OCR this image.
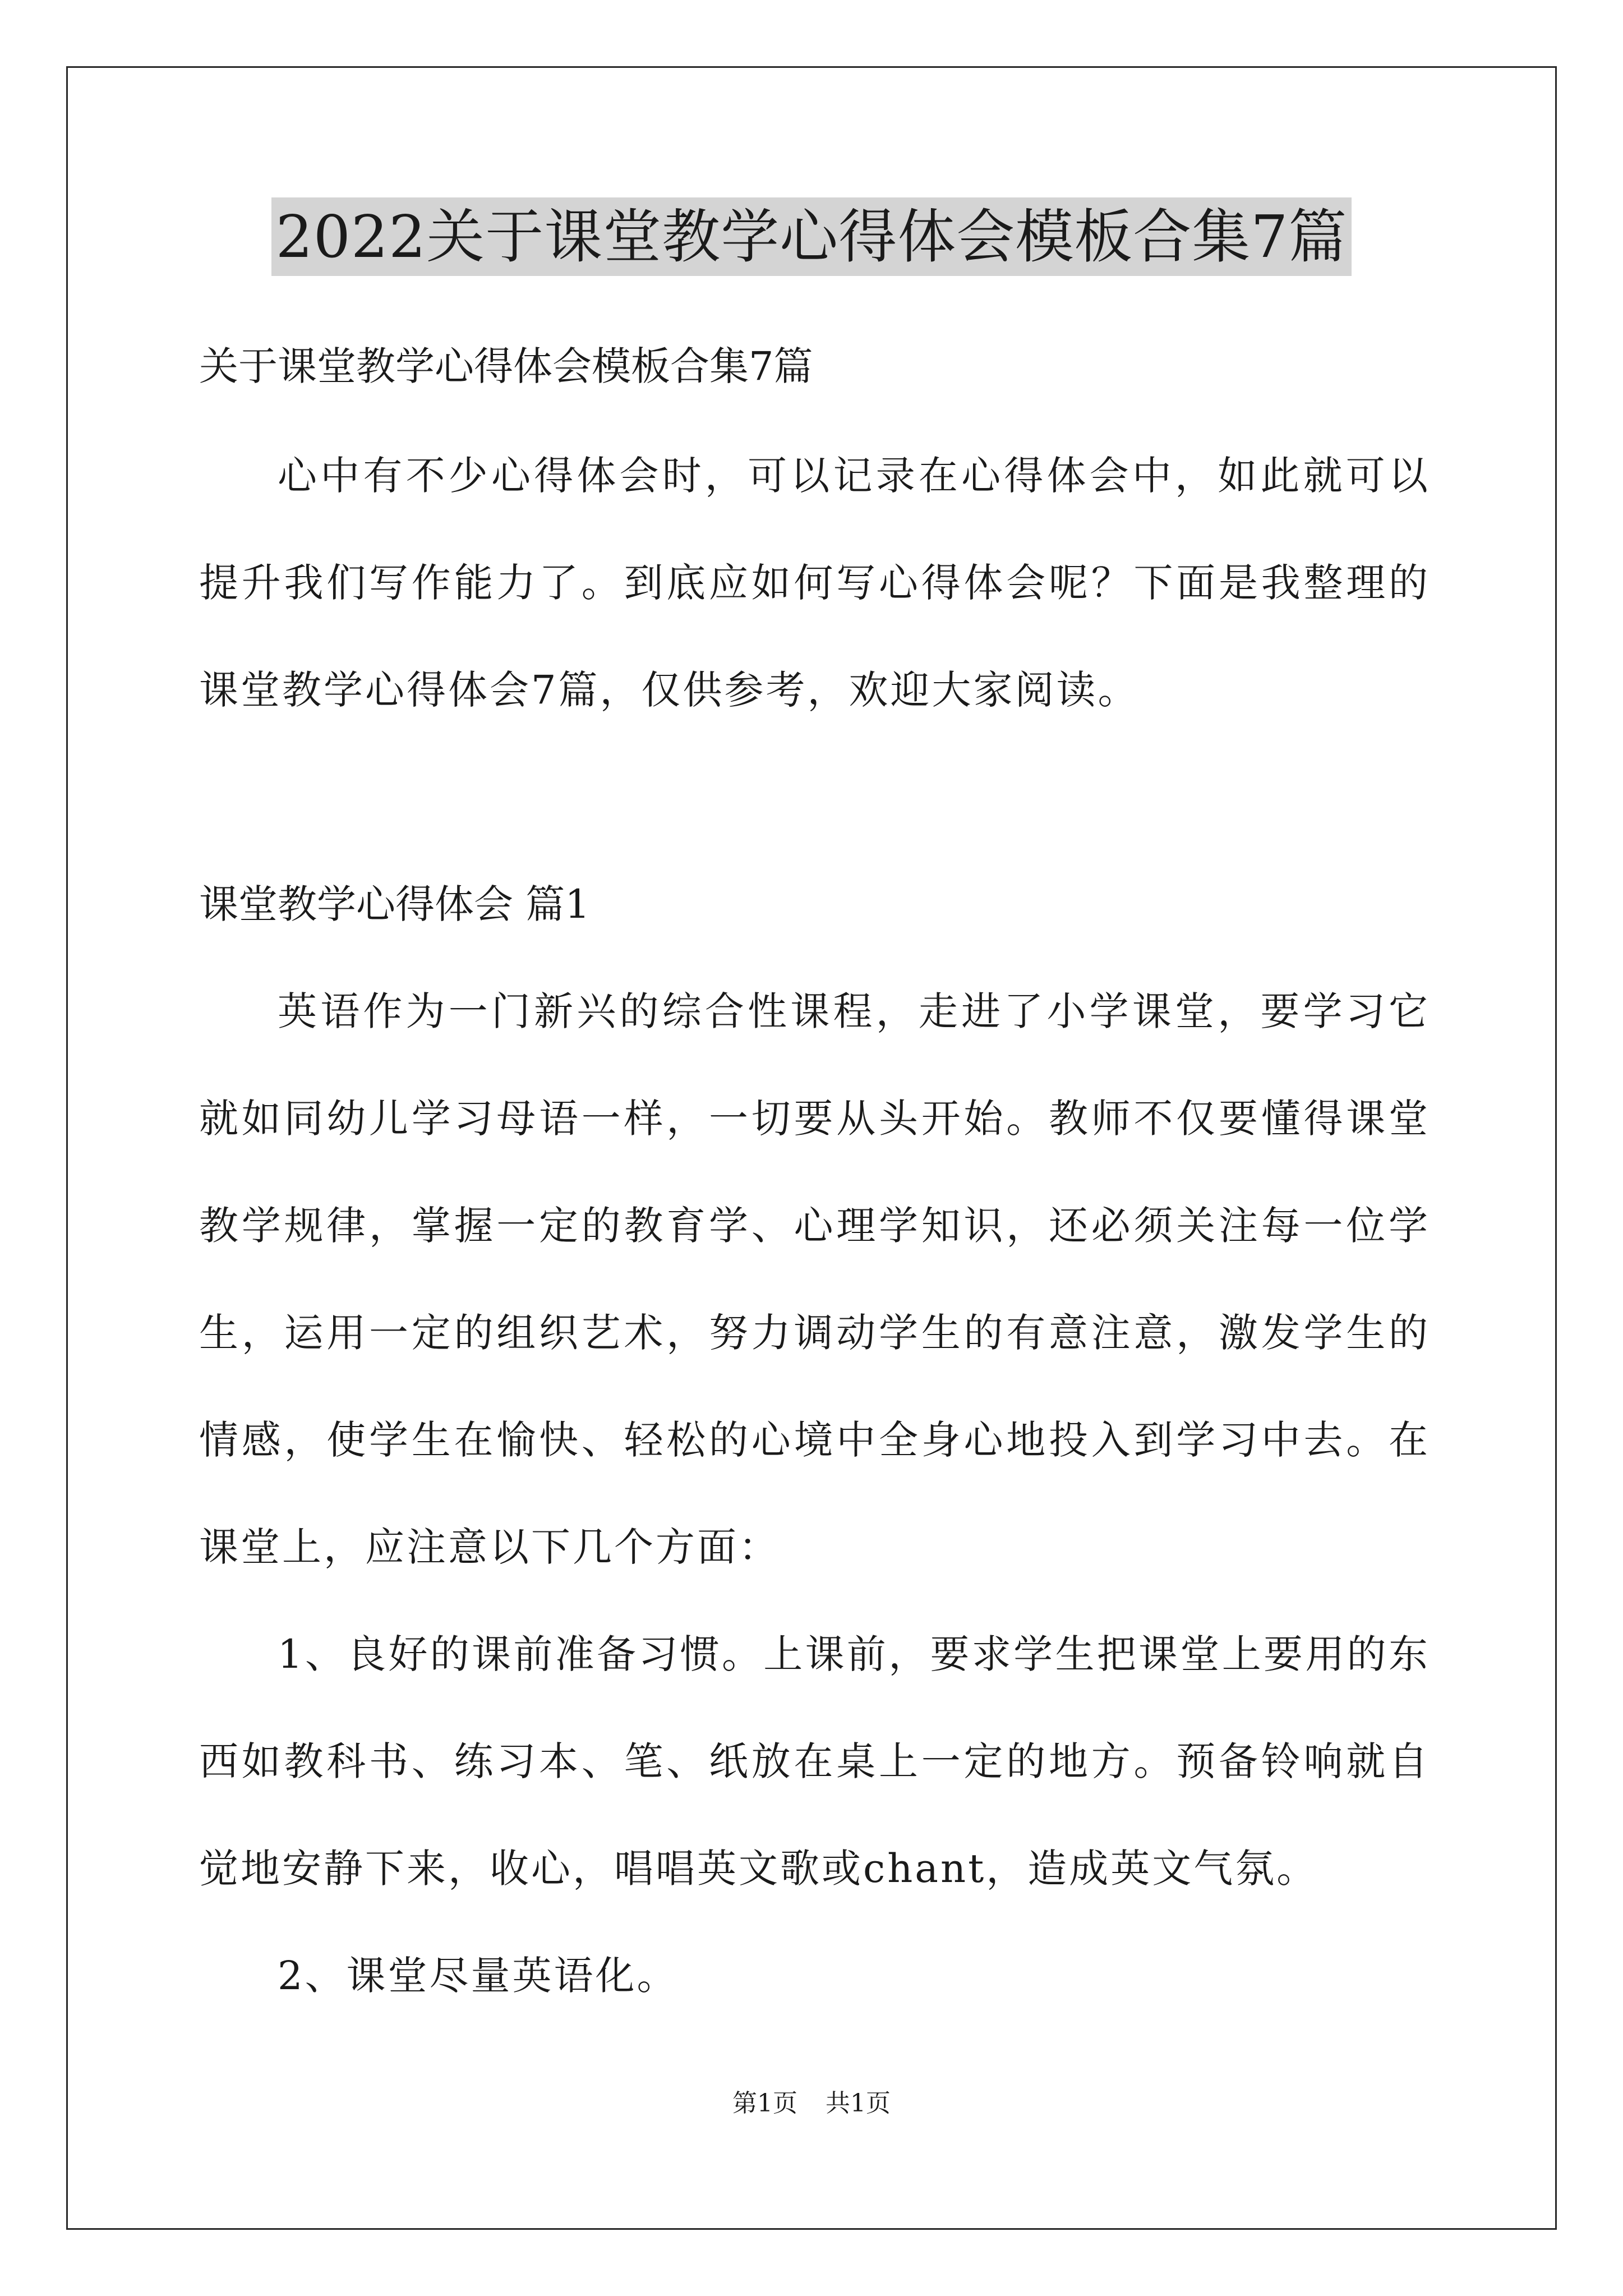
2022关于课堂教学心得体会模板合集7篇
关于课堂教学心得体会模板合集7篇
心中有不少心得体会时，可以记录在心得体会中，如此就可以提升我们写作能力了。到底应如何写心得体会呢？下面是我整理的课堂教学心得体会7篇，仅供参考，欢迎大家阅读。
课堂教学心得体会 篇1
英语作为一门新兴的综合性课程，走进了小学课堂，要学习它就如同幼儿学习母语一样，一切要从头开始。教师不仅要懂得课堂教学规律，掌握一定的教育学、心理学知识，还必须关注每一位学生，运用一定的组织艺术，努力调动学生的有意注意，激发学生的情感，使学生在愉快、轻松的心境中全身心地投入到学习中去。在课堂上，应注意以下几个方面：
1、良好的课前准备习惯。上课前，要求学生把课堂上要用的东西如教科书、练习本、笔、纸放在桌上一定的地方。预备铃响就自觉地安静下来，收心，唱唱英文歌或chant，造成英文气氛。
2、课堂尽量英语化。
第1页 共1页
